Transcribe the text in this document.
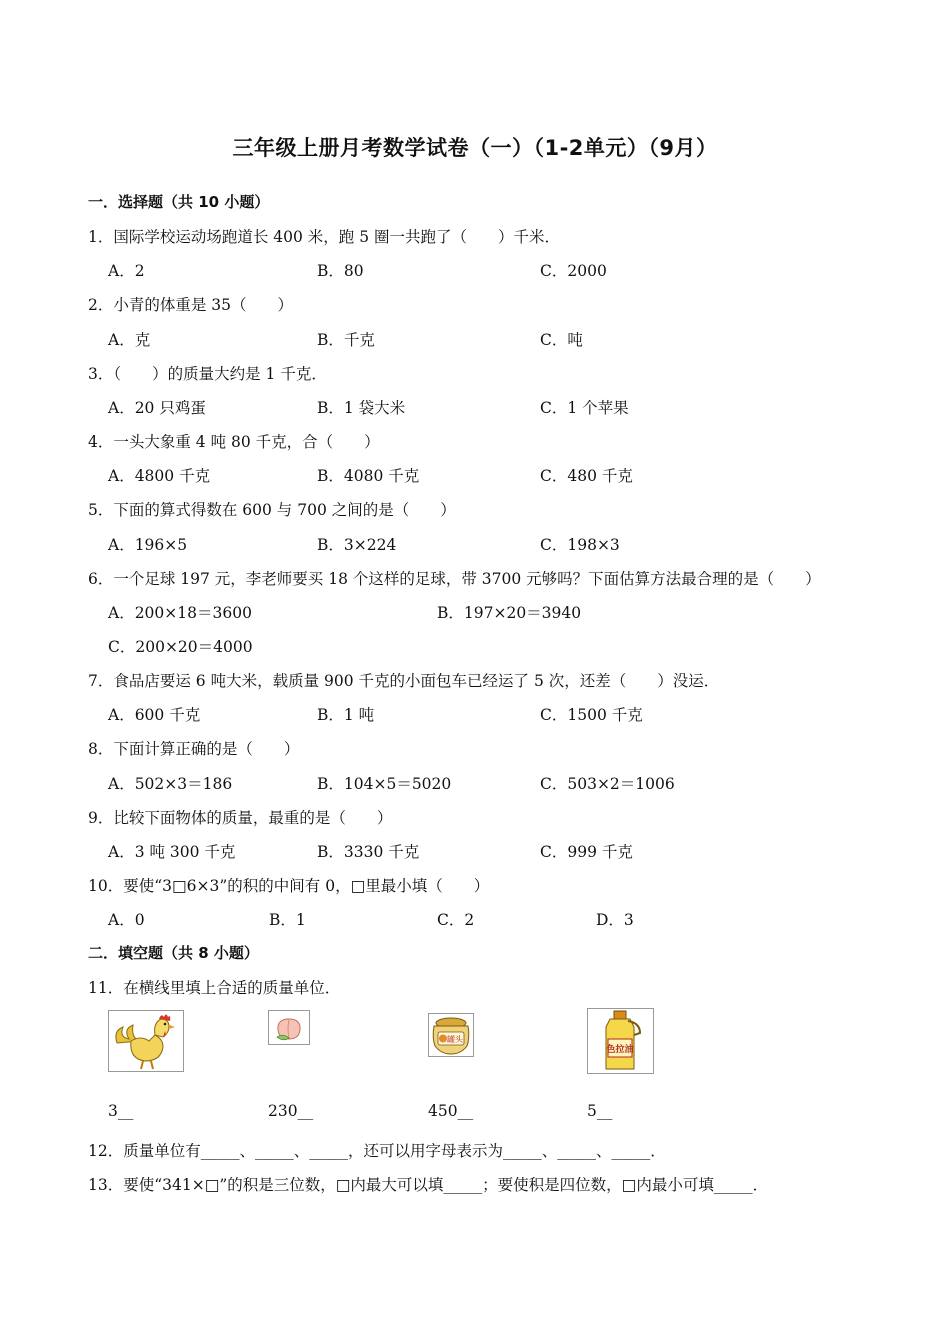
三年级上册月考数学试卷（一）（1-2单元）（9月）
一．选择题（共 10 小题）
1．国际学校运动场跑道长 400 米，跑 5 圈一共跑了（　　）千米．
A．2	B．80	C．2000
2．小青的体重是 35（　　）
A．克	B．千克	C．吨
3．（　　）的质量大约是 1 千克．
A．20 只鸡蛋	B．1 袋大米	C．1 个苹果
4．一头大象重 4 吨 80 千克，合（　　）
A．4800 千克	B．4080 千克	C．480 千克
5．下面的算式得数在 600 与 700 之间的是（　　）
A．196×5	B．3×224	C．198×3
6．一个足球 197 元，李老师要买 18 个这样的足球，带 3700 元够吗？下面估算方法最合理的是（　　）
A．200×18＝3600	B．197×20＝3940
C．200×20＝4000
7．食品店要运 6 吨大米，载质量 900 千克的小面包车已经运了 5 次，还差（　　）没运．
A．600 千克	B．1 吨	C．1500 千克
8．下面计算正确的是（　　）
A．502×3＝186	B．104×5＝5020	C．503×2＝1006
9．比较下面物体的质量，最重的是（　　）
A．3 吨 300 千克	B．3330 千克	C．999 千克
10．要使“3□6×3”的积的中间有 0，□里最小填（　　）
A．0	B．1	C．2	D．3
二．填空题（共 8 小题）
11．在横线里填上合适的质量单位．
罐头
色拉油
3__	230__	450__	5__
12．质量单位有_____、_____、_____，还可以用字母表示为_____、_____、_____．
13．要使“341×□”的积是三位数，□内最大可以填_____；要使积是四位数，□内最小可填_____．
